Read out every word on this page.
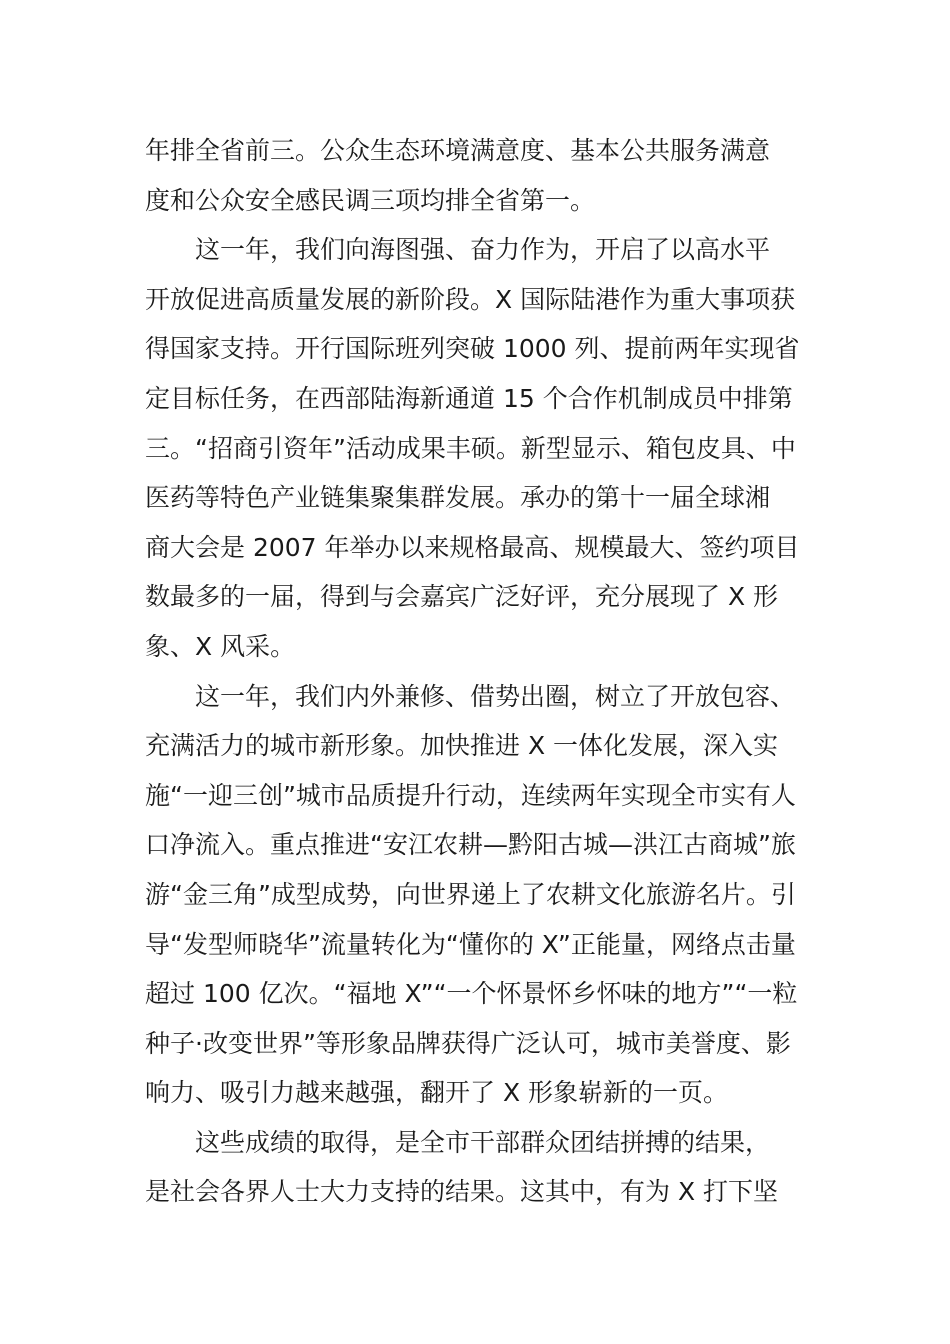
年排全省前三。公众生态环境满意度、基本公共服务满意
度和公众安全感民调三项均排全省第一。
这一年，我们向海图强、奋力作为，开启了以高水平
开放促进高质量发展的新阶段。X 国际陆港作为重大事项获
得国家支持。开行国际班列突破 1000 列、提前两年实现省
定目标任务，在西部陆海新通道 15 个合作机制成员中排第
三。“招商引资年”活动成果丰硕。新型显示、箱包皮具、中
医药等特色产业链集聚集群发展。承办的第十一届全球湘
商大会是 2007 年举办以来规格最高、规模最大、签约项目
数最多的一届，得到与会嘉宾广泛好评，充分展现了 X 形
象、X 风采。
这一年，我们内外兼修、借势出圈，树立了开放包容、
充满活力的城市新形象。加快推进 X 一体化发展，深入实
施“一迎三创”城市品质提升行动，连续两年实现全市实有人
口净流入。重点推进“安江农耕—黔阳古城—洪江古商城”旅
游“金三角”成型成势，向世界递上了农耕文化旅游名片。引
导“发型师晓华”流量转化为“懂你的 X”正能量，网络点击量
超过 100 亿次。“福地 X”“一个怀景怀乡怀味的地方”“一粒
种子·改变世界”等形象品牌获得广泛认可，城市美誉度、影
响力、吸引力越来越强，翻开了 X 形象崭新的一页。
这些成绩的取得，是全市干部群众团结拼搏的结果，
是社会各界人士大力支持的结果。这其中，有为 X 打下坚
